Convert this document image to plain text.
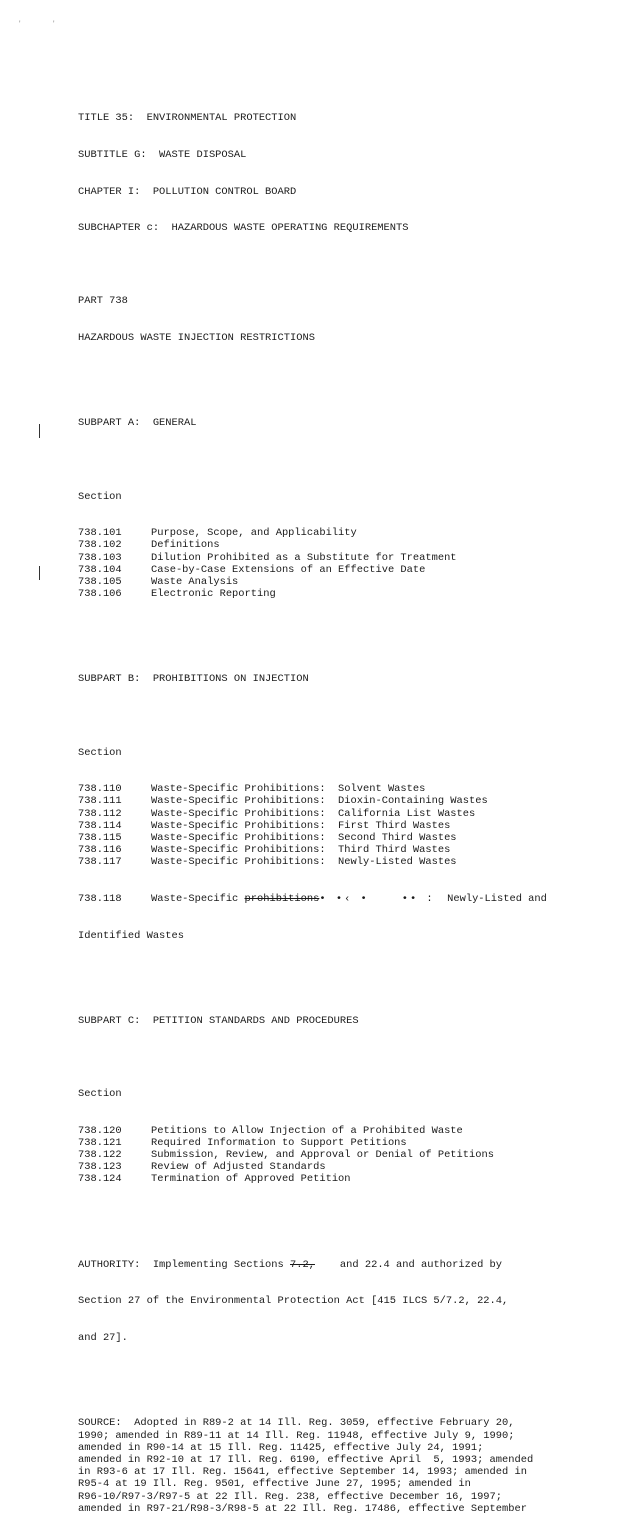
'	'

TITLE 35:  ENVIRONMENTAL PROTECTION

SUBTITLE G:  WASTE DISPOSAL

CHAPTER I:  POLLUTION CONTROL BOARD

SUBCHAPTER c:  HAZARDOUS WASTE OPERATING REQUIREMENTS

PART 738

HAZARDOUS WASTE INJECTION RESTRICTIONS

SUBPART A:  GENERAL

Section

738.101	Purpose, Scope, and Applicability
738.102	Definitions
738.103	Dilution Prohibited as a Substitute for Treatment
738.104	Case-by-Case Extensions of an Effective Date
738.105	Waste Analysis
738.106	Electronic Reporting

SUBPART B:  PROHIBITIONS ON INJECTION

Section

738.110	Waste-Specific Prohibitions:  Solvent Wastes
738.111	Waste-Specific Prohibitions:  Dioxin-Containing Wastes
738.112	Waste-Specific Prohibitions:  California List Wastes
738.114	Waste-Specific Prohibitions:  First Third Wastes
738.115	Waste-Specific Prohibitions:  Second Third Wastes
738.116	Waste-Specific Prohibitions:  Third Third Wastes
738.117	Waste-Specific Prohibitions:  Newly-Listed Wastes

738.118	Waste-Specific prohibitions• •‹ •    •• :  Newly-Listed and

Identified Wastes

SUBPART C:  PETITION STANDARDS AND PROCEDURES

Section

738.120	Petitions to Allow Injection of a Prohibited Waste
738.121	Required Information to Support Petitions
738.122	Submission, Review, and Approval or Denial of Petitions
738.123	Review of Adjusted Standards
738.124	Termination of Approved Petition

AUTHORITY:  Implementing Sections 7.2,    and 22.4 and authorized by

Section 27 of the Environmental Protection Act [415 ILCS 5/7.2, 22.4,

and 27].

SOURCE:  Adopted in R89-2 at 14 Ill. Reg. 3059, effective February 20,
1990; amended in R89-11 at 14 Ill. Reg. 11948, effective July 9, 1990;
amended in R90-14 at 15 Ill. Reg. 11425, effective July 24, 1991;
amended in R92-10 at 17 Ill. Reg. 6190, effective April  5, 1993; amended
in R93-6 at 17 Ill. Reg. 15641, effective September 14, 1993; amended in
R95-4 at 19 Ill. Reg. 9501, effective June 27, 1995; amended in
R96-10/R97-3/R97-5 at 22 Ill. Reg. 238, effective December 16, 1997;
amended in R97-21/R98-3/R98-5 at 22 Ill. Reg. 17486, effective September
